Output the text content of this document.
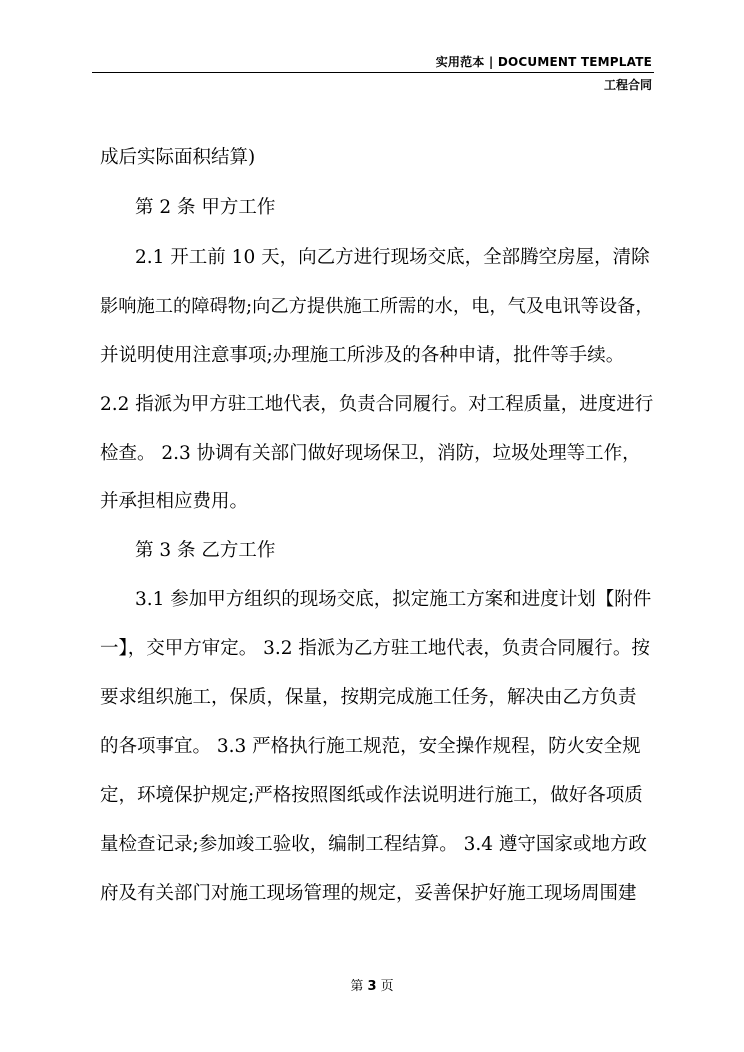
实用范本 | DOCUMENT TEMPLATE
工程合同
成后实际面积结算)
第 2 条 甲方工作
2.1 开工前 10 天，向乙方进行现场交底，全部腾空房屋，清除
影响施工的障碍物;向乙方提供施工所需的水，电，气及电讯等设备，
并说明使用注意事项;办理施工所涉及的各种申请，批件等手续。
2.2 指派为甲方驻工地代表，负责合同履行。对工程质量，进度进行
检查。 2.3 协调有关部门做好现场保卫，消防，垃圾处理等工作，
并承担相应费用。
第 3 条 乙方工作
3.1 参加甲方组织的现场交底，拟定施工方案和进度计划【附件
一】，交甲方审定。 3.2 指派为乙方驻工地代表，负责合同履行。按
要求组织施工，保质，保量，按期完成施工任务，解决由乙方负责
的各项事宜。 3.3 严格执行施工规范，安全操作规程，防火安全规
定，环境保护规定;严格按照图纸或作法说明进行施工，做好各项质
量检查记录;参加竣工验收，编制工程结算。 3.4 遵守国家或地方政
府及有关部门对施工现场管理的规定，妥善保护好施工现场周围建
第 3 页
